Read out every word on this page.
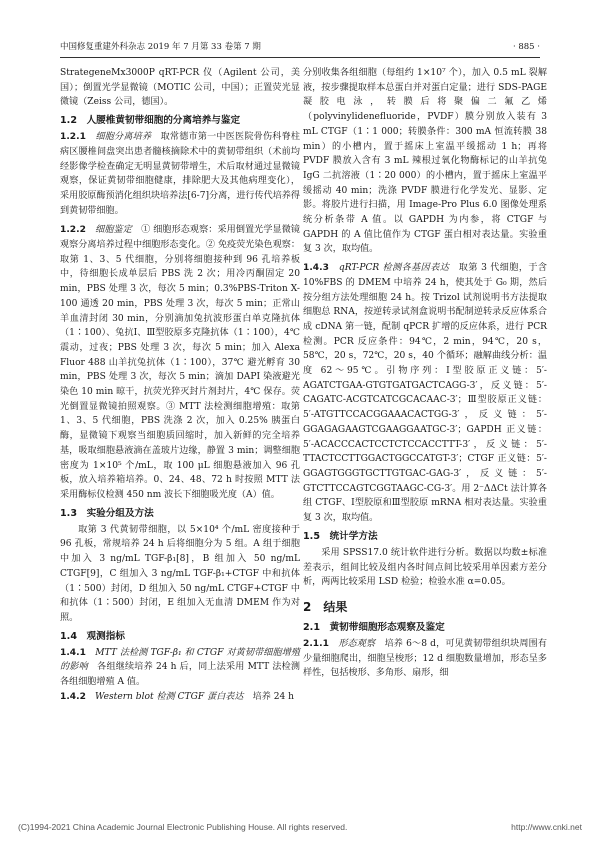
中国修复重建外科杂志 2019 年 7 月第 33 卷第 7 期	· 885 ·

StrategeneMx3000P qRT-PCR 仪（Agilent 公司，美国）；倒置光学显微镜（MOTIC 公司，中国）；正置荧光显微镜（Zeiss 公司，德国）。

1.2　人腰椎黄韧带细胞的分离培养与鉴定

1.2.1　 细胞分离培养　 取常德市第一中医医院骨伤科脊柱病区腰椎间盘突出患者髓核摘除术中的黄韧带组织（术前均经影像学检查确定无明显黄韧带增生，术后取材通过显微镜观察，保证黄韧带细胞健康，排除肥大及其他病理变化），采用胶原酶预消化组织块培养法[6-7]分离，进行传代培养得到黄韧带细胞。

1.2.2　 细胞鉴定　 ① 细胞形态观察：采用倒置光学显微镜观察分离培养过程中细胞形态变化。② 免疫荧光染色观察：取第 1、3、5 代细胞，分别将细胞接种到 96 孔培养板中，待细胞长成单层后 PBS 洗 2 次；用冷丙酮固定 20 min，PBS 处理 3 次，每次 5 min；0.3%PBS-Triton X-100 通透 20 min，PBS 处理 3 次，每次 5 min；正常山羊血清封闭 30 min，分别滴加兔抗波形蛋白单克隆抗体（1∶100）、兔抗Ⅰ、Ⅲ型胶原多克隆抗体（1∶100），4℃ 震动，过夜；PBS 处理 3 次，每次 5 min；加入 Alexa Fluor 488 山羊抗兔抗体（1∶100），37℃ 避光孵育 30 min，PBS 处理 3 次，每次 5 min；滴加 DAPI 染液避光染色 10 min 晾干，抗荧光猝灭封片剂封片，4℃ 保存。荧光倒置显微镜拍照观察。③ MTT 法检测细胞增殖：取第 1、3、5 代细胞，PBS 洗涤 2 次，加入 0.25% 胰蛋白酶，显微镜下观察当细胞质回缩时，加入新鲜的完全培养基，吸取细胞悬液滴在盖玻片边缘，静置 3 min；调整细胞密度为 1×10⁵ 个/mL，取 100 μL 细胞悬液加入 96 孔板，放入培养箱培养。0、24、48、72 h 时按照 MTT 法采用酶标仪检测 450 nm 波长下细胞吸光度（A）值。

1.3　实验分组及方法

取第 3 代黄韧带细胞，以 5×10⁴ 个/mL 密度接种于 96 孔板，常规培养 24 h 后将细胞分为 5 组。A 组于细胞中加入 3 ng/mL TGF-β₁[8]，B 组加入 50 ng/mL CTGF[9]，C 组加入 3 ng/mL TGF-β₁+CTGF 中和抗体（1∶500）封闭，D 组加入 50 ng/mL CTGF+CTGF 中和抗体（1∶500）封闭，E 组加入无血清 DMEM 作为对照。

1.4　观测指标

1.4.1　 MTT 法检测 TGF-β₁ 和 CTGF 对黄韧带细胞增殖的影响　 各组继续培养 24 h 后，同上法采用 MTT 法检测各组细胞增殖 A 值。

1.4.2　 Western blot 检测 CTGF 蛋白表达　 培养 24 h

分别收集各组细胞（每组约 1×10⁷ 个），加入 0.5 mL 裂解液，按步骤提取样本总蛋白并对蛋白定量；进行 SDS-PAGE 凝胶电泳，转膜后将聚偏二氟乙烯（polyvinylidenefluoride，PVDF）膜分别放入装有 3 mL CTGF（1∶1 000；转膜条件：300 mA 恒流转膜 38 min）的小槽内，置于摇床上室温平缓摇动 1 h；再将 PVDF 膜放入含有 3 mL 辣根过氧化物酶标记的山羊抗兔 IgG 二抗溶液（1∶20 000）的小槽内，置于摇床上室温平缓摇动 40 min；洗涤 PVDF 膜进行化学发光、显影、定影。将胶片进行扫描，用 Image-Pro Plus 6.0 图像处理系统分析条带 A 值。以 GAPDH 为内参，将 CTGF 与 GAPDH 的 A 值比值作为 CTGF 蛋白相对表达量。实验重复 3 次，取均值。

1.4.3　 qRT-PCR 检测各基因表达　 取第 3 代细胞，于含 10%FBS 的 DMEM 中培养 24 h，使其处于 G₀ 期，然后按分组方法处理细胞 24 h。按 Trizol 试剂说明书方法提取细胞总 RNA，按逆转录试剂盒说明书配制逆转录反应体系合成 cDNA 第一链，配制 qPCR 扩增的反应体系，进行 PCR 检测。PCR 反应条件：94℃，2 min，94℃，20 s，58℃，20 s，72℃，20 s，40 个循环；融解曲线分析：温度 62～95℃。引物序列：Ⅰ型胶原正义链：5′-AGATCTGAA-GTGTGATGACTCAGG-3′，反义链：5′-CAGATC-ACGTCATCGCACAAC-3′；Ⅲ型胶原正义链：5′-ATGTTCCACGGAAACACTGG-3′，反义链：5′-GGAGAGAAGTCGAAGGAATGC-3′；GAPDH 正义链：5′-ACACCCACTCCTCTCCACCTTT-3′，反义链：5′-TTACTCCTTGGACTGGCCATGT-3′；CTGF 正义链：5′-GGAGTGGGTGCTTGTGAC-GAG-3′，反义链：5′-GTCTTCCAGTCGGTAAGC-CG-3′。用 2⁻ΔΔCt 法计算各组 CTGF、Ⅰ型胶原和Ⅲ型胶原 mRNA 相对表达量。实验重复 3 次，取均值。

1.5　统计学方法

采用 SPSS17.0 统计软件进行分析。数据以均数±标准差表示，组间比较及组内各时间点间比较采用单因素方差分析，两两比较采用 LSD 检验；检验水准 α=0.05。

2　结果
2.1　黄韧带细胞形态观察及鉴定

2.1.1　 形态观察　 培养 6～8 d，可见黄韧带组织块周围有少量细胞爬出，细胞呈梭形；12 d 细胞数量增加，形态呈多样性，包括梭形、多角形、扇形，细

(C)1994-2021 China Academic Journal Electronic Publishing House. All rights reserved.	http://www.cnki.net
